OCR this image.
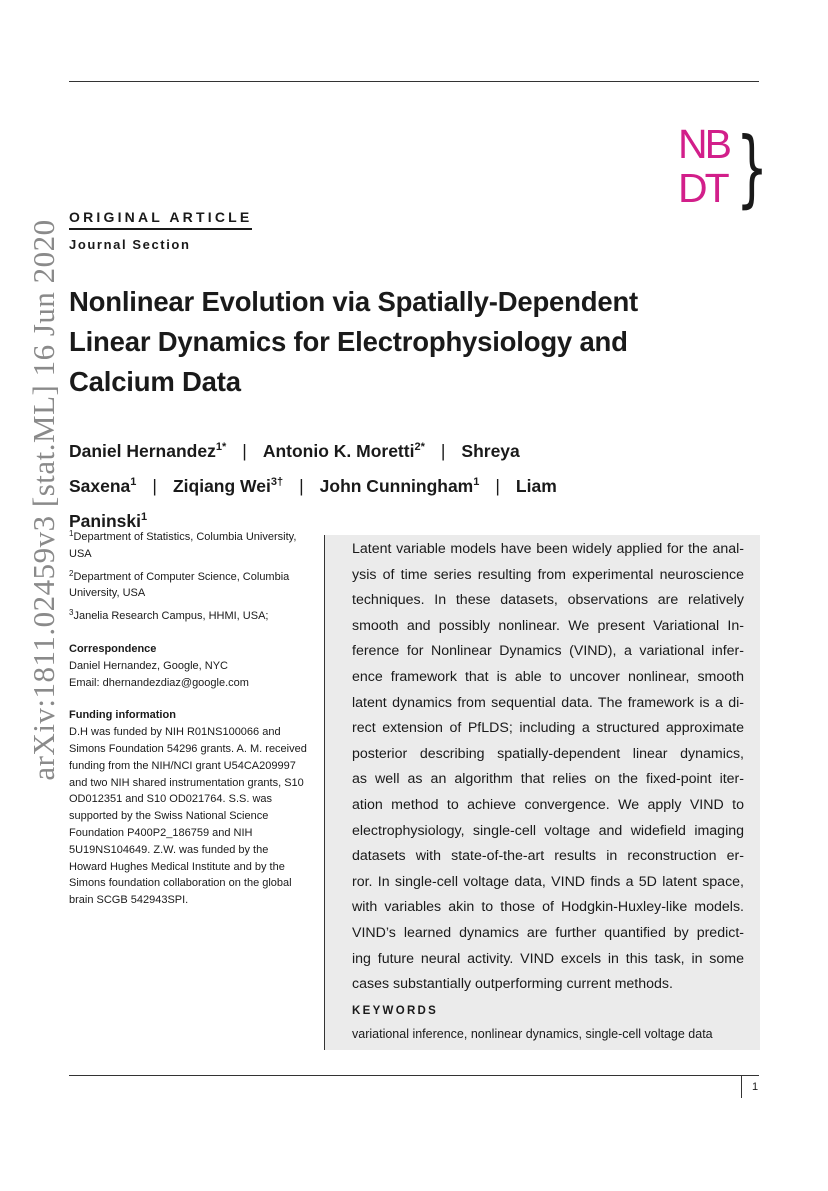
arXiv:1811.02459v3 [stat.ML] 16 Jun 2020
NB
DT }
ORIGINAL ARTICLE
Journal Section
Nonlinear Evolution via Spatially-Dependent
Linear Dynamics for Electrophysiology and
Calcium Data
Daniel Hernandez$^{1*}$ | Antonio K. Moretti$^{2*}$ | Shreya
Saxena$^1$ | Ziqiang Wei$^{3\dagger}$ | John Cunningham$^1$ | Liam
Paninski$^1$

$^1$Department of Statistics, Columbia University, USA

$^2$Department of Computer Science, Columbia University, USA

$^3$Janelia Research Campus, HHMI, USA;

Correspondence
Daniel Hernandez, Google, NYC
Email: dhernandezdiaz@google.com
Funding information
D.H was funded by NIH R01NS100066 and Simons Foundation 54296 grants. A. M. received funding from the NIH/NCI grant U54CA209997 and two NIH shared instrumentation grants, S10 OD012351 and S10 OD021764. S.S. was supported by the Swiss National Science Foundation P400P2_186759 and NIH 5U19NS104649. Z.W. was funded by the Howard Hughes Medical Institute and by the Simons foundation collaboration on the global brain SCGB 542943SPI.
Latent variable models have been widely applied for the anal-
ysis of time series resulting from experimental neuroscience
techniques. In these datasets, observations are relatively
smooth and possibly nonlinear. We present Variational In-
ference for Nonlinear Dynamics (VIND), a variational infer-
ence framework that is able to uncover nonlinear, smooth
latent dynamics from sequential data. The framework is a di-
rect extension of PfLDS; including a structured approximate
posterior describing spatially-dependent linear dynamics,
as well as an algorithm that relies on the fixed-point iter-
ation method to achieve convergence. We apply VIND to
electrophysiology, single-cell voltage and widefield imaging
datasets with state-of-the-art results in reconstruction er-
ror. In single-cell voltage data, VIND finds a 5D latent space,
with variables akin to those of Hodgkin-Huxley-like models.
VIND’s learned dynamics are further quantified by predict-
ing future neural activity. VIND excels in this task, in some
cases substantially outperforming current methods.
KEYWORDS
variational inference, nonlinear dynamics, single-cell voltage data
1
